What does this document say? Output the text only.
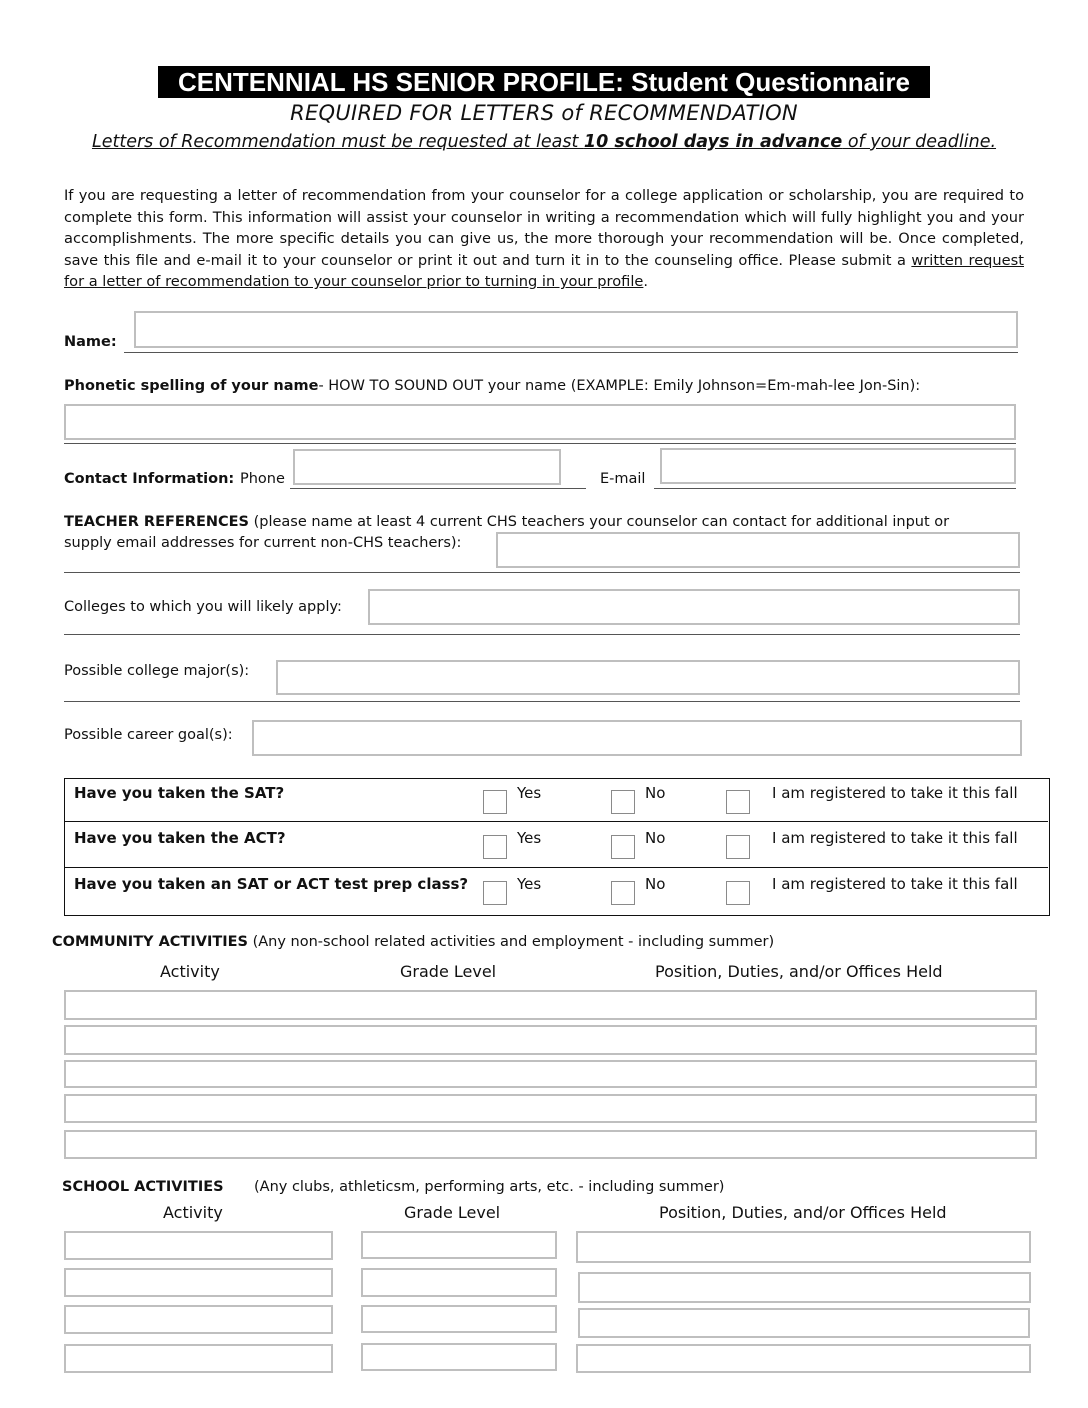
CENTENNIAL HS SENIOR PROFILE: Student Questionnaire
REQUIRED FOR LETTERS of RECOMMENDATION
Letters of Recommendation must be requested at least 10 school days in advance of your deadline.
If you are requesting a letter of recommendation from your counselor for a college application or scholarship, you are required to complete this form. This information will assist your counselor in writing a recommendation which will fully highlight you and your accomplishments. The more specific details you can give us, the more thorough your recommendation will be. Once completed, save this file and e-mail it to your counselor or print it out and turn it in to the counseling office. Please submit a written request for a letter of recommendation to your counselor prior to turning in your profile.
Name:
Phonetic spelling of your name- HOW TO SOUND OUT your name (EXAMPLE: Emily Johnson=Em-mah-lee Jon-Sin):
Contact Information: Phone	E-mail
TEACHER REFERENCES (please name at least 4 current CHS teachers your counselor can contact for additional input or
supply email addresses for current non-CHS teachers):
Colleges to which you will likely apply:
Possible college major(s):
Possible career goal(s):
Have you taken the SAT?	Yes	No	I am registered to take it this fall
Have you taken the ACT?	Yes	No	I am registered to take it this fall
Have you taken an SAT or ACT test prep class?	Yes	No	I am registered to take it this fall
COMMUNITY ACTIVITIES (Any non-school related activities and employment - including summer)
Activity	Grade Level	Position, Duties, and/or Offices Held
SCHOOL ACTIVITIES (Any clubs, athleticsm, performing arts, etc. - including summer)
Activity	Grade Level	Position, Duties, and/or Offices Held
